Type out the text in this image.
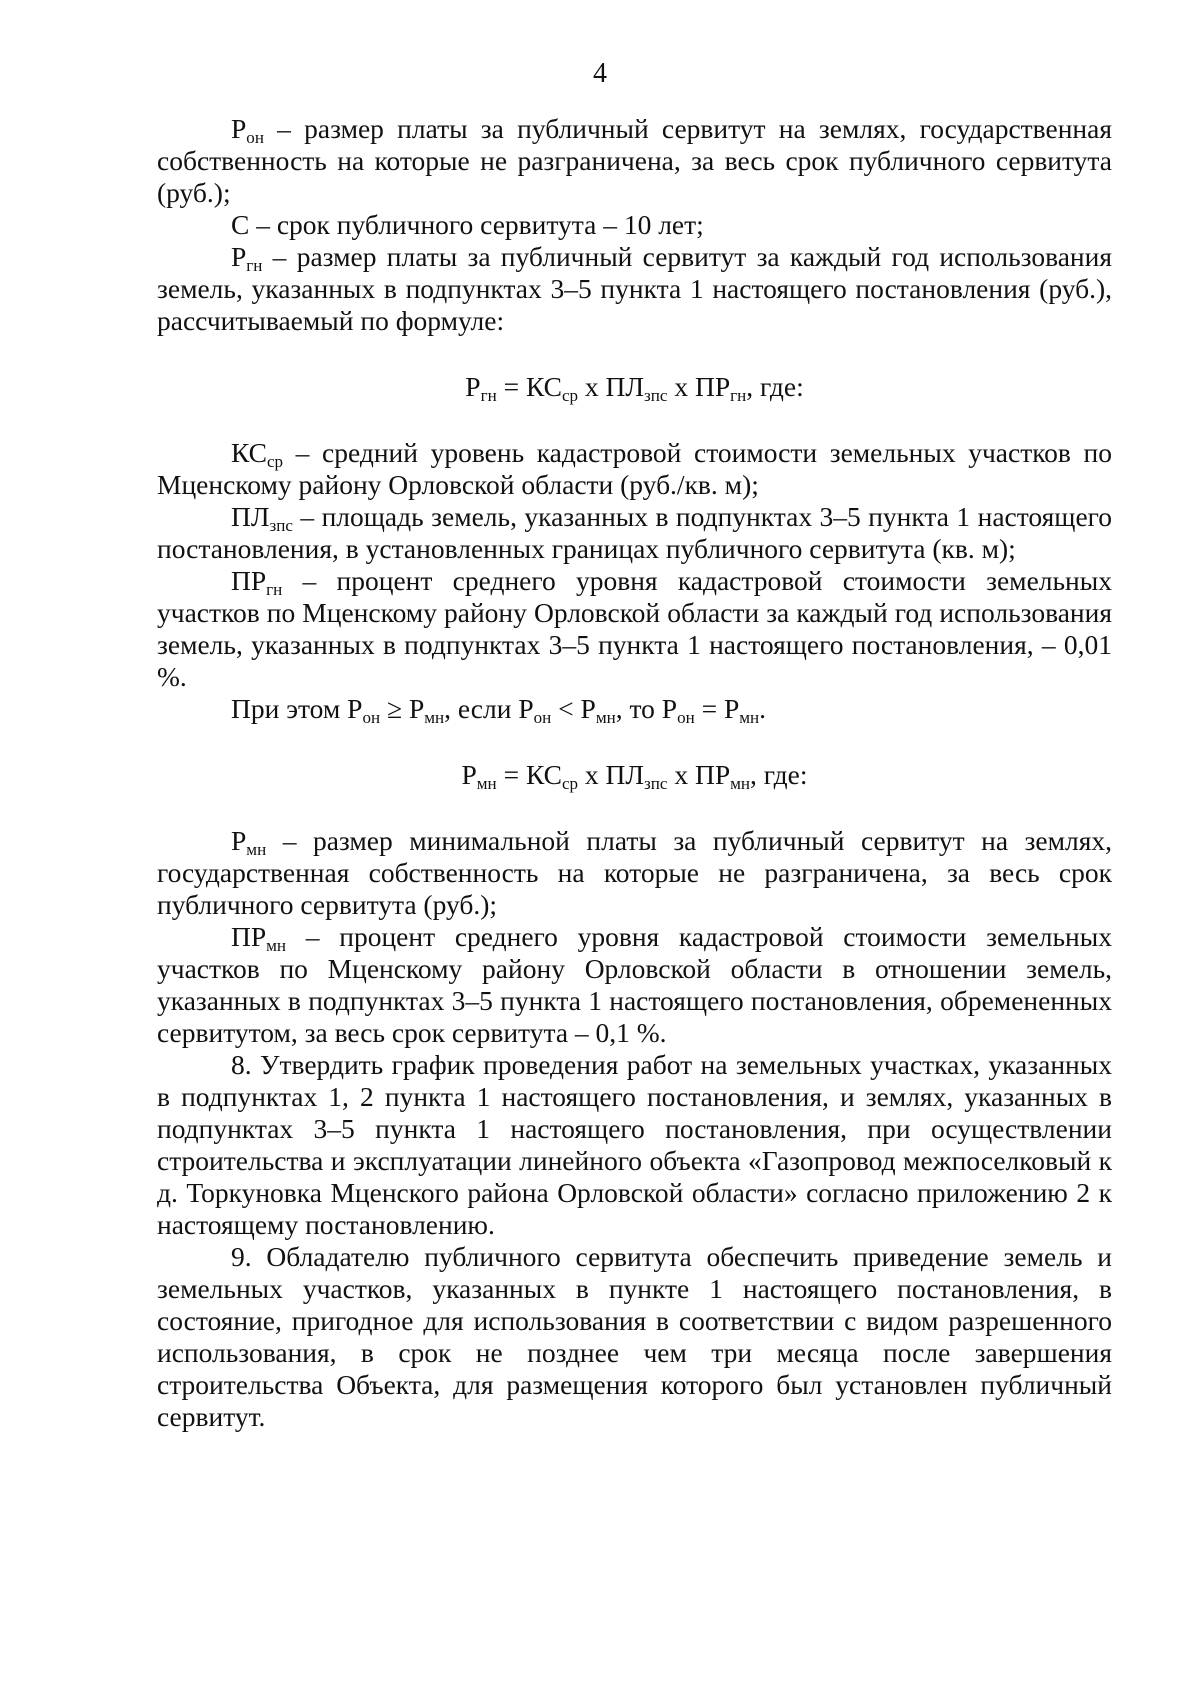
4

$Р_{он}$ – размер платы за публичный сервитут на землях, государственная собственность на которые не разграничена, за весь срок публичного сервитута (руб.);

С – срок публичного сервитута – 10 лет;

$Р_{гн}$ – размер платы за публичный сервитут за каждый год использования земель, указанных в подпунктах 3–5 пункта 1 настоящего постановления (руб.), рассчитываемый по формуле:

$Р_{гн} = КС_{ср}$ х $ПЛ_{зпс}$ х $ПР_{гн}$, где:

$КС_{ср}$ – средний уровень кадастровой стоимости земельных участков по Мценскому району Орловской области (руб./кв. м);

$ПЛ_{зпс}$ – площадь земель, указанных в подпунктах 3–5 пункта 1 настоящего постановления, в установленных границах публичного сервитута (кв. м);

$ПР_{гн}$ – процент среднего уровня кадастровой стоимости земельных участков по Мценскому району Орловской области за каждый год использования земель, указанных в подпунктах 3–5 пункта 1 настоящего постановления, – 0,01 %.

При этом $Р_{он} \ge Р_{мн}$, если $Р_{он} < Р_{мн}$, то $Р_{он} = Р_{мн}$.

$Р_{мн} = КС_{ср}$ х $ПЛ_{зпс}$ х $ПР_{мн}$, где:

$Р_{мн}$ – размер минимальной платы за публичный сервитут на землях, государственная собственность на которые не разграничена, за весь срок публичного сервитута (руб.);

$ПР_{мн}$ – процент среднего уровня кадастровой стоимости земельных участков по Мценскому району Орловской области в отношении земель, указанных в подпунктах 3–5 пункта 1 настоящего постановления, обремененных сервитутом, за весь срок сервитута – 0,1 %.

8. Утвердить график проведения работ на земельных участках, указанных в подпунктах 1, 2 пункта 1 настоящего постановления, и землях, указанных в подпунктах 3–5 пункта 1 настоящего постановления, при осуществлении строительства и эксплуатации линейного объекта «Газопровод межпоселковый к д. Торкуновка Мценского района Орловской области» согласно приложению 2 к настоящему постановлению.

9. Обладателю публичного сервитута обеспечить приведение земель и земельных участков, указанных в пункте 1 настоящего постановления, в состояние, пригодное для использования в соответствии с видом разрешенного использования, в срок не позднее чем три месяца после завершения строительства Объекта, для размещения которого был установлен публичный сервитут.
